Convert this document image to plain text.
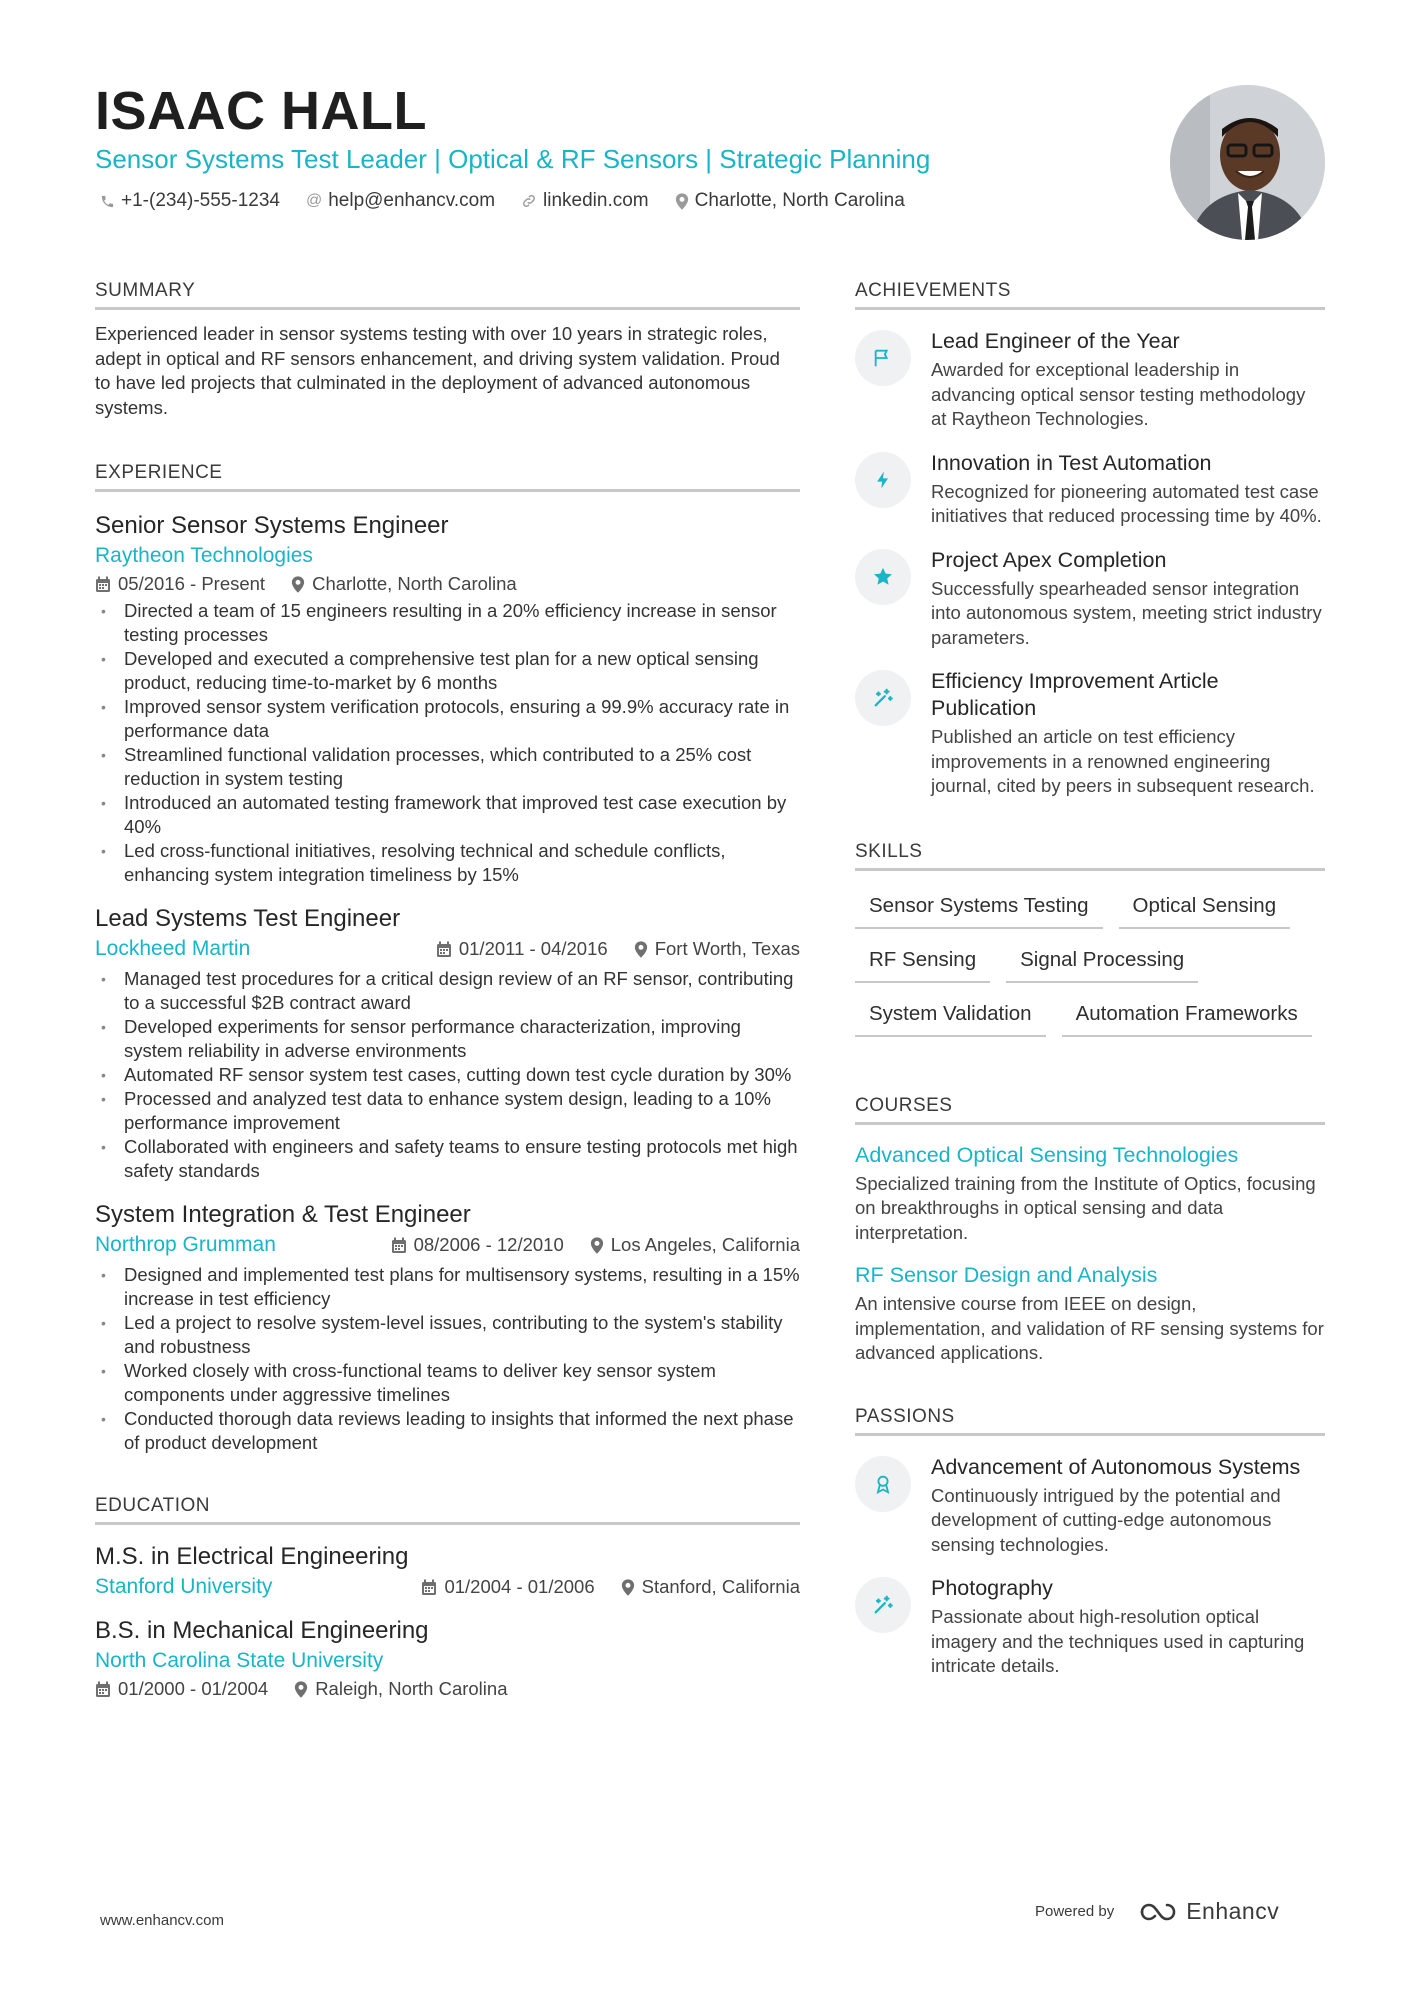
ISAAC HALL
Sensor Systems Test Leader | Optical & RF Sensors | Strategic Planning
+1-(234)-555-1234 @ help@enhancv.com	linkedin.com Charlotte, North Carolina
SUMMARY
Experienced leader in sensor systems testing with over 10 years in strategic roles, adept in optical and RF sensors enhancement, and driving system validation. Proud to have led projects that culminated in the deployment of advanced autonomous systems.
EXPERIENCE
Senior Sensor Systems Engineer
Raytheon Technologies
05/2016 - Present	Charlotte, North Carolina
• Directed a team of 15 engineers resulting in a 20% efficiency increase in sensor testing processes
• Developed and executed a comprehensive test plan for a new optical sensing product, reducing time-to-market by 6 months
• Improved sensor system verification protocols, ensuring a 99.9% accuracy rate in performance data
• Streamlined functional validation processes, which contributed to a 25% cost reduction in system testing
• Introduced an automated testing framework that improved test case execution by 40%
• Led cross-functional initiatives, resolving technical and schedule conflicts, enhancing system integration timeliness by 15%
Lead Systems Test Engineer
Lockheed Martin	01/2011 - 04/2016	Fort Worth, Texas
• Managed test procedures for a critical design review of an RF sensor, contributing to a successful $2B contract award
• Developed experiments for sensor performance characterization, improving system reliability in adverse environments
• Automated RF sensor system test cases, cutting down test cycle duration by 30%
• Processed and analyzed test data to enhance system design, leading to a 10% performance improvement
• Collaborated with engineers and safety teams to ensure testing protocols met high safety standards
System Integration & Test Engineer
Northrop Grumman	08/2006 - 12/2010	Los Angeles, California
• Designed and implemented test plans for multisensory systems, resulting in a 15% increase in test efficiency
• Led a project to resolve system-level issues, contributing to the system's stability and robustness
• Worked closely with cross-functional teams to deliver key sensor system components under aggressive timelines
• Conducted thorough data reviews leading to insights that informed the next phase of product development
EDUCATION
M.S. in Electrical Engineering
Stanford University	01/2004 - 01/2006	Stanford, California
B.S. in Mechanical Engineering
North Carolina State University
01/2000 - 01/2004	Raleigh, North Carolina
ACHIEVEMENTS
Lead Engineer of the Year
Awarded for exceptional leadership in advancing optical sensor testing methodology at Raytheon Technologies.
Innovation in Test Automation
Recognized for pioneering automated test case initiatives that reduced processing time by 40%.
Project Apex Completion
Successfully spearheaded sensor integration into autonomous system, meeting strict industry parameters.
Efficiency Improvement Article Publication
Published an article on test efficiency improvements in a renowned engineering journal, cited by peers in subsequent research.
SKILLS
Sensor Systems Testing	Optical Sensing
RF Sensing	Signal Processing
System Validation	Automation Frameworks
COURSES
Advanced Optical Sensing Technologies
Specialized training from the Institute of Optics, focusing on breakthroughs in optical sensing and data interpretation.
RF Sensor Design and Analysis
An intensive course from IEEE on design, implementation, and validation of RF sensing systems for advanced applications.
PASSIONS
Advancement of Autonomous Systems
Continuously intrigued by the potential and development of cutting-edge autonomous sensing technologies.
Photography
Passionate about high-resolution optical imagery and the techniques used in capturing intricate details.
www.enhancv.com
Powered by	Enhancv
